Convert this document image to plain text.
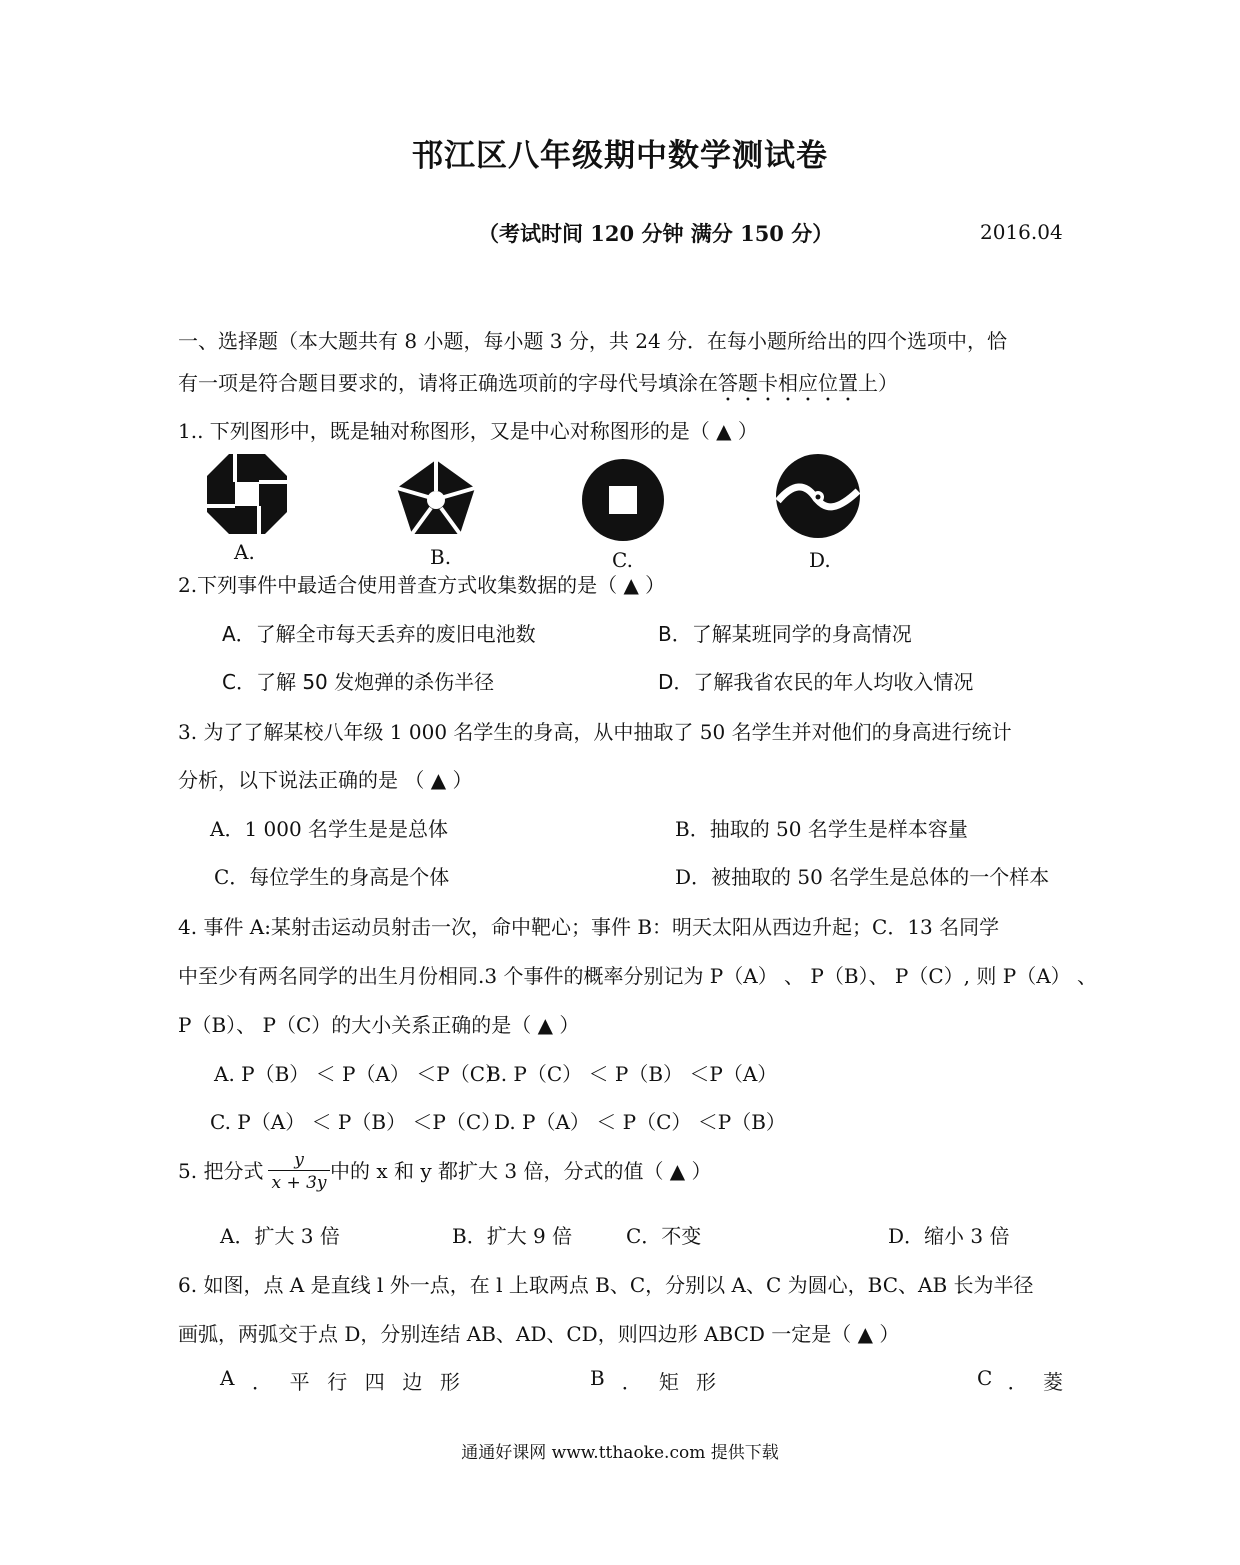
邗江区八年级期中数学测试卷
（考试时间 120 分钟 满分 150 分）	2016.04
一、选择题（本大题共有 8 小题，每小题 3 分，共 24 分．在每小题所给出的四个选项中，恰
有一项是符合题目要求的，请将正确选项前的字母代号填涂在答题卡相应位置上）
1.. 下列图形中，既是轴对称图形，又是中心对称图形的是（ ▲ ）
A.	B.	C.	D.
2.下列事件中最适合使用普查方式收集数据的是（ ▲ ）
A．了解全市每天丢弃的废旧电池数	B．了解某班同学的身高情况
C．了解 50 发炮弹的杀伤半径	D．了解我省农民的年人均收入情况
3. 为了了解某校八年级 1 000 名学生的身高，从中抽取了 50 名学生并对他们的身高进行统计
分析，以下说法正确的是 （ ▲ ）
A．1 000 名学生是是总体	B．抽取的 50 名学生是样本容量
C．每位学生的身高是个体	D．被抽取的 50 名学生是总体的一个样本
4. 事件 A:某射击运动员射击一次，命中靶心；事件 B：明天太阳从西边升起；C．13 名同学
中至少有两名同学的出生月份相同.3 个事件的概率分别记为 P（A） 、 P（B）、 P（C）, 则 P（A） 、
P（B）、 P（C）的大小关系正确的是（ ▲ ）
A. P（B） ＜ P（A） ＜P（C）
B. P（C） ＜ P（B） ＜P（A）
C. P（A） ＜ P（B） ＜P（C）
D. P（A） ＜ P（C） ＜P（B）
5. 把分式 $\frac{y}{x + 3y}$ 中的 x 和 y 都扩大 3 倍，分式的值（ ▲ ）
A．扩大 3 倍	B．扩大 9 倍	C．不变	D．缩小 3 倍
6. 如图，点 A 是直线 l 外一点，在 l 上取两点 B、C，分别以 A、C 为圆心，BC、AB 长为半径
画弧，两弧交于点 D，分别连结 AB、AD、CD，则四边形 ABCD 一定是（ ▲ ）
A ． 平 行 四 边 形	B ． 矩 形	C ． 菱
通通好课网 www.tthaoke.com 提供下载
